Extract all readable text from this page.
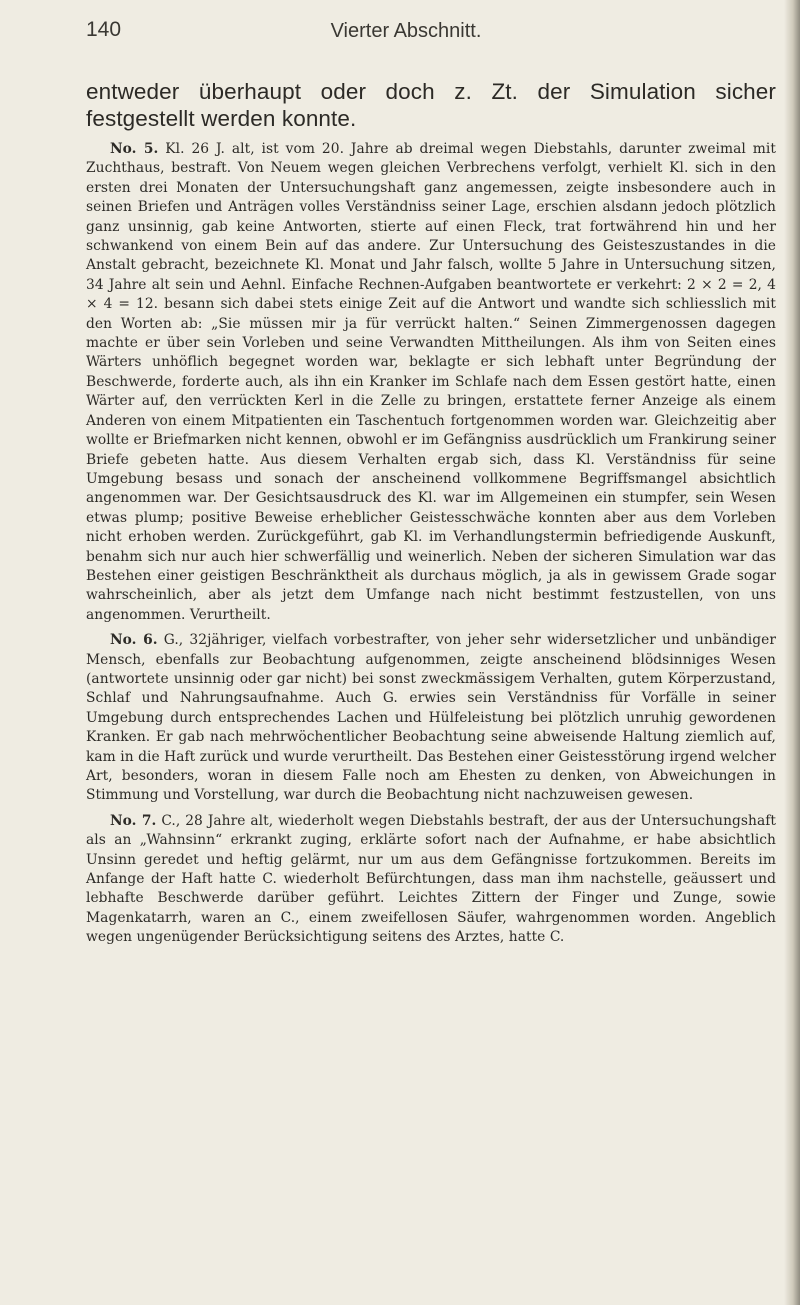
140	Vierter Abschnitt.

entweder überhaupt oder doch z. Zt. der Simulation sicher festgestellt werden konnte.

No. 5. Kl. 26 J. alt, ist vom 20. Jahre ab dreimal wegen Diebstahls, darunter zweimal mit Zuchthaus, bestraft. Von Neuem wegen gleichen Verbrechens verfolgt, verhielt Kl. sich in den ersten drei Monaten der Untersuchungshaft ganz angemessen, zeigte insbesondere auch in seinen Briefen und Anträgen volles Verständniss seiner Lage, erschien alsdann jedoch plötzlich ganz unsinnig, gab keine Antworten, stierte auf einen Fleck, trat fortwährend hin und her schwankend von einem Bein auf das andere. Zur Untersuchung des Geisteszustandes in die Anstalt gebracht, bezeichnete Kl. Monat und Jahr falsch, wollte 5 Jahre in Untersuchung sitzen, 34 Jahre alt sein und Aehnl. Einfache Rechnen-Aufgaben beantwortete er verkehrt: 2 × 2 = 2, 4 × 4 = 12. besann sich dabei stets einige Zeit auf die Antwort und wandte sich schliesslich mit den Worten ab: „Sie müssen mir ja für verrückt halten.“ Seinen Zimmergenossen dagegen machte er über sein Vorleben und seine Verwandten Mittheilungen. Als ihm von Seiten eines Wärters unhöflich begegnet worden war, beklagte er sich lebhaft unter Begründung der Beschwerde, forderte auch, als ihn ein Kranker im Schlafe nach dem Essen gestört hatte, einen Wärter auf, den verrückten Kerl in die Zelle zu bringen, erstattete ferner Anzeige als einem Anderen von einem Mitpatienten ein Taschentuch fortgenommen worden war. Gleichzeitig aber wollte er Briefmarken nicht kennen, obwohl er im Gefängniss ausdrücklich um Frankirung seiner Briefe gebeten hatte. Aus diesem Verhalten ergab sich, dass Kl. Verständniss für seine Umgebung besass und sonach der anscheinend vollkommene Begriffsmangel absichtlich angenommen war. Der Gesichtsausdruck des Kl. war im Allgemeinen ein stumpfer, sein Wesen etwas plump; positive Beweise erheblicher Geistesschwäche konnten aber aus dem Vorleben nicht erhoben werden. Zurückgeführt, gab Kl. im Verhandlungstermin befriedigende Auskunft, benahm sich nur auch hier schwerfällig und weinerlich. Neben der sicheren Simulation war das Bestehen einer geistigen Beschränktheit als durchaus möglich, ja als in gewissem Grade sogar wahrscheinlich, aber als jetzt dem Umfange nach nicht bestimmt festzustellen, von uns angenommen. Verurtheilt.

No. 6. G., 32jähriger, vielfach vorbestrafter, von jeher sehr widersetzlicher und unbändiger Mensch, ebenfalls zur Beobachtung aufgenommen, zeigte anscheinend blödsinniges Wesen (antwortete unsinnig oder gar nicht) bei sonst zweckmässigem Verhalten, gutem Körperzustand, Schlaf und Nahrungsaufnahme. Auch G. erwies sein Verständniss für Vorfälle in seiner Umgebung durch entsprechendes Lachen und Hülfeleistung bei plötzlich unruhig gewordenen Kranken. Er gab nach mehrwöchentlicher Beobachtung seine abweisende Haltung ziemlich auf, kam in die Haft zurück und wurde verurtheilt. Das Bestehen einer Geistesstörung irgend welcher Art, besonders, woran in diesem Falle noch am Ehesten zu denken, von Abweichungen in Stimmung und Vorstellung, war durch die Beobachtung nicht nachzuweisen gewesen.

No. 7. C., 28 Jahre alt, wiederholt wegen Diebstahls bestraft, der aus der Untersuchungshaft als an „Wahnsinn“ erkrankt zuging, erklärte sofort nach der Aufnahme, er habe absichtlich Unsinn geredet und heftig gelärmt, nur um aus dem Gefängnisse fortzukommen. Bereits im Anfange der Haft hatte C. wiederholt Befürchtungen, dass man ihm nachstelle, geäussert und lebhafte Beschwerde darüber geführt. Leichtes Zittern der Finger und Zunge, sowie Magenkatarrh, waren an C., einem zweifellosen Säufer, wahrgenommen worden. Angeblich wegen ungenügender Berücksichtigung seitens des Arztes, hatte C.
